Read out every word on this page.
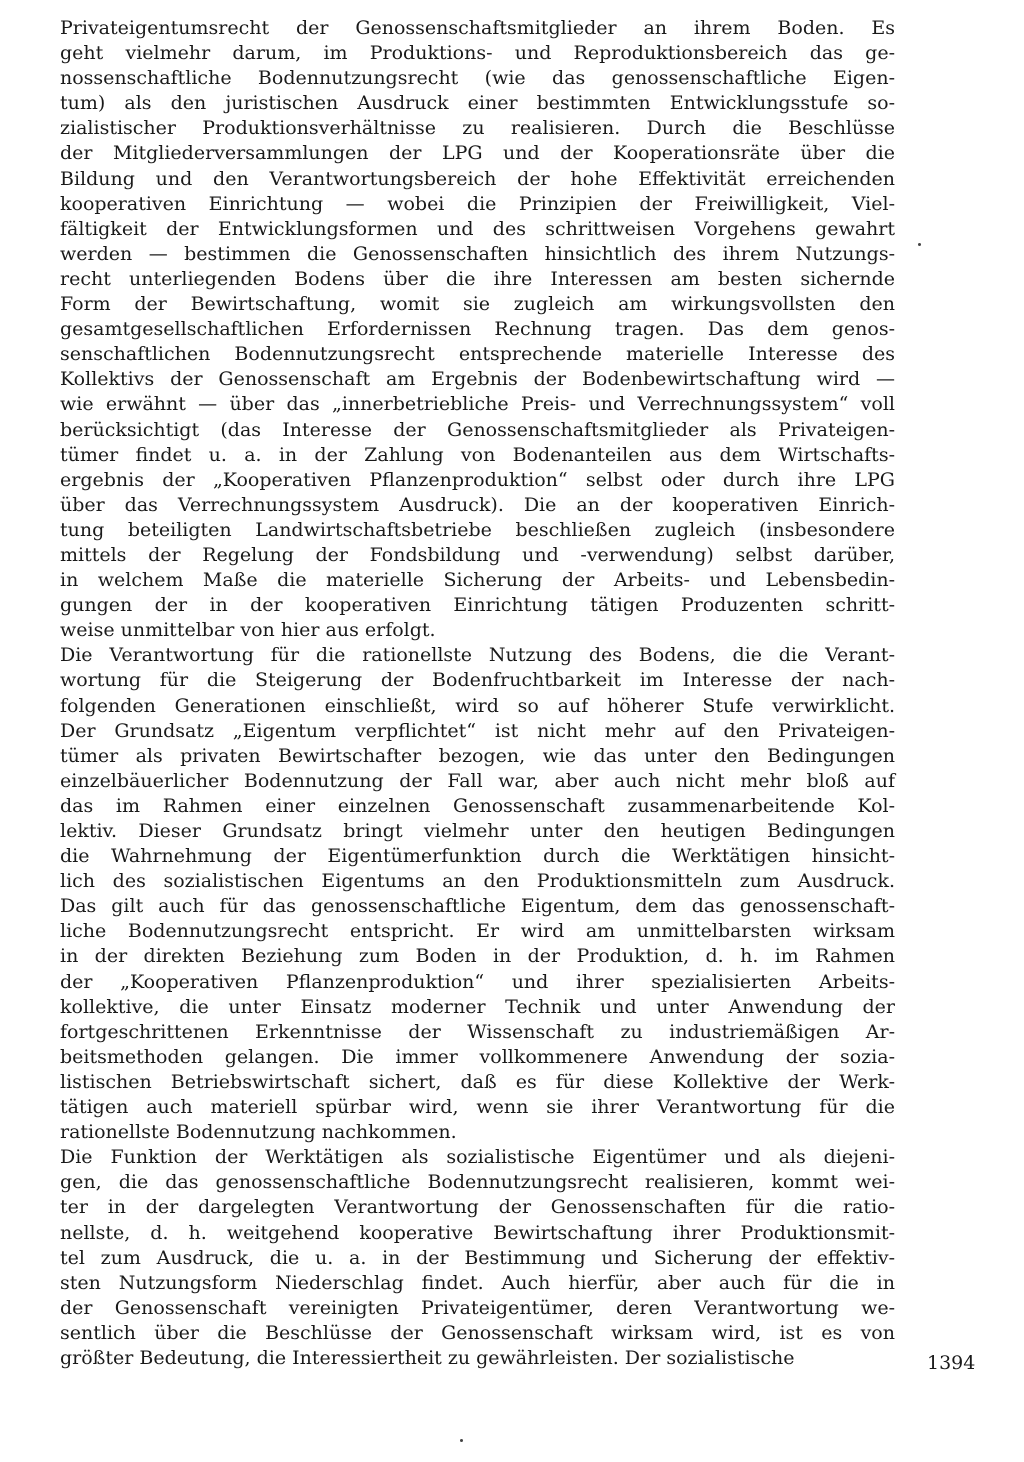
Privateigentumsrecht der Genossenschaftsmitglieder an ihrem Boden. Es
geht vielmehr darum, im Produktions- und Reproduktionsbereich das ge-
nossenschaftliche Bodennutzungsrecht (wie das genossenschaftliche Eigen-
tum) als den juristischen Ausdruck einer bestimmten Entwicklungsstufe so-
zialistischer Produktionsverhältnisse zu realisieren. Durch die Beschlüsse
der Mitgliederversammlungen der LPG und der Kooperationsräte über die
Bildung und den Verantwortungsbereich der hohe Effektivität erreichenden
kooperativen Einrichtung — wobei die Prinzipien der Freiwilligkeit, Viel-
fältigkeit der Entwicklungsformen und des schrittweisen Vorgehens gewahrt
werden — bestimmen die Genossenschaften hinsichtlich des ihrem Nutzungs-
recht unterliegenden Bodens über die ihre Interessen am besten sichernde
Form der Bewirtschaftung, womit sie zugleich am wirkungsvollsten den
gesamtgesellschaftlichen Erfordernissen Rechnung tragen. Das dem genos-
senschaftlichen Bodennutzungsrecht entsprechende materielle Interesse des
Kollektivs der Genossenschaft am Ergebnis der Bodenbewirtschaftung wird —
wie erwähnt — über das „innerbetriebliche Preis- und Verrechnungssystem“ voll
berücksichtigt (das Interesse der Genossenschaftsmitglieder als Privateigen-
tümer findet u. a. in der Zahlung von Bodenanteilen aus dem Wirtschafts-
ergebnis der „Kooperativen Pflanzenproduktion“ selbst oder durch ihre LPG
über das Verrechnungssystem Ausdruck). Die an der kooperativen Einrich-
tung beteiligten Landwirtschaftsbetriebe beschließen zugleich (insbesondere
mittels der Regelung der Fondsbildung und -verwendung) selbst darüber,
in welchem Maße die materielle Sicherung der Arbeits- und Lebensbedin-
gungen der in der kooperativen Einrichtung tätigen Produzenten schritt-
weise unmittelbar von hier aus erfolgt.
Die Verantwortung für die rationellste Nutzung des Bodens, die die Verant-
wortung für die Steigerung der Bodenfruchtbarkeit im Interesse der nach-
folgenden Generationen einschließt, wird so auf höherer Stufe verwirklicht.
Der Grundsatz „Eigentum verpflichtet“ ist nicht mehr auf den Privateigen-
tümer als privaten Bewirtschafter bezogen, wie das unter den Bedingungen
einzelbäuerlicher Bodennutzung der Fall war, aber auch nicht mehr bloß auf
das im Rahmen einer einzelnen Genossenschaft zusammenarbeitende Kol-
lektiv. Dieser Grundsatz bringt vielmehr unter den heutigen Bedingungen
die Wahrnehmung der Eigentümerfunktion durch die Werktätigen hinsicht-
lich des sozialistischen Eigentums an den Produktionsmitteln zum Ausdruck.
Das gilt auch für das genossenschaftliche Eigentum, dem das genossenschaft-
liche Bodennutzungsrecht entspricht. Er wird am unmittelbarsten wirksam
in der direkten Beziehung zum Boden in der Produktion, d. h. im Rahmen
der „Kooperativen Pflanzenproduktion“ und ihrer spezialisierten Arbeits-
kollektive, die unter Einsatz moderner Technik und unter Anwendung der
fortgeschrittenen Erkenntnisse der Wissenschaft zu industriemäßigen Ar-
beitsmethoden gelangen. Die immer vollkommenere Anwendung der sozia-
listischen Betriebswirtschaft sichert, daß es für diese Kollektive der Werk-
tätigen auch materiell spürbar wird, wenn sie ihrer Verantwortung für die
rationellste Bodennutzung nachkommen.
Die Funktion der Werktätigen als sozialistische Eigentümer und als diejeni-
gen, die das genossenschaftliche Bodennutzungsrecht realisieren, kommt wei-
ter in der dargelegten Verantwortung der Genossenschaften für die ratio-
nellste, d. h. weitgehend kooperative Bewirtschaftung ihrer Produktionsmit-
tel zum Ausdruck, die u. a. in der Bestimmung und Sicherung der effektiv-
sten Nutzungsform Niederschlag findet. Auch hierfür, aber auch für die in
der Genossenschaft vereinigten Privateigentümer, deren Verantwortung we-
sentlich über die Beschlüsse der Genossenschaft wirksam wird, ist es von
größter Bedeutung, die Interessiertheit zu gewährleisten. Der sozialistische	1394
